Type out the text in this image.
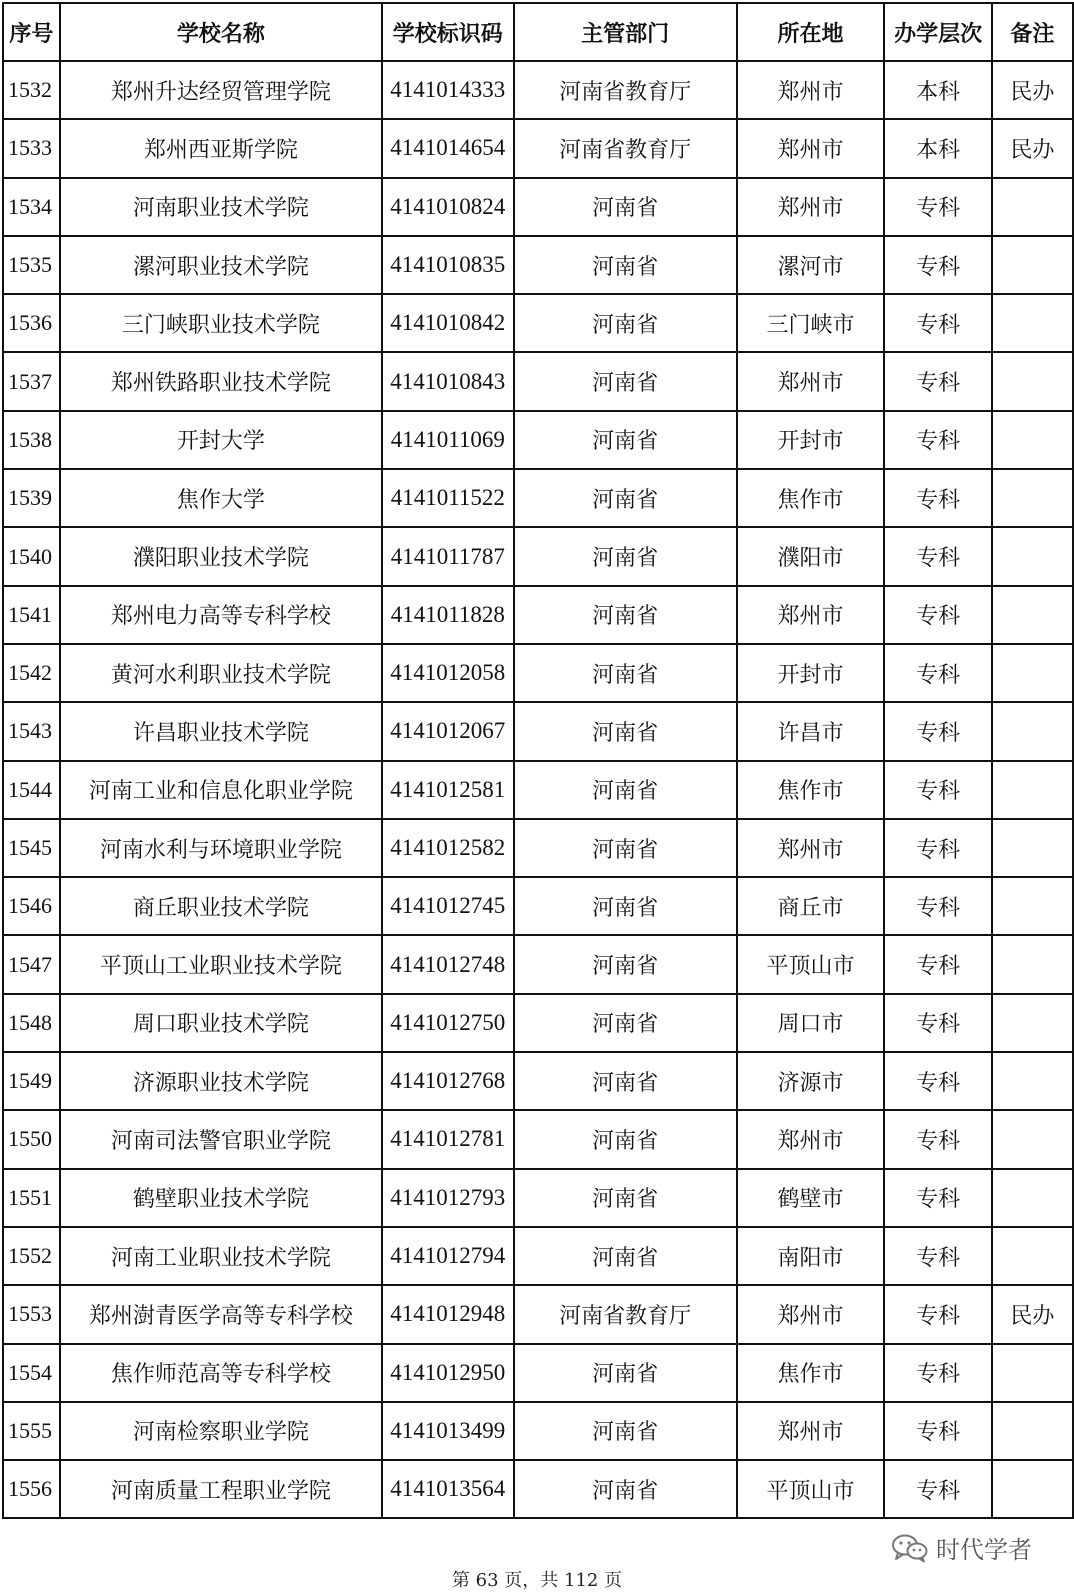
序号	学校名称	学校标识码	主管部门	所在地	办学层次	备注
1532	郑州升达经贸管理学院	4141014333	河南省教育厅	郑州市	本科	民办
1533	郑州西亚斯学院	4141014654	河南省教育厅	郑州市	本科	民办
1534	河南职业技术学院	4141010824	河南省	郑州市	专科	
1535	漯河职业技术学院	4141010835	河南省	漯河市	专科	
1536	三门峡职业技术学院	4141010842	河南省	三门峡市	专科	
1537	郑州铁路职业技术学院	4141010843	河南省	郑州市	专科	
1538	开封大学	4141011069	河南省	开封市	专科	
1539	焦作大学	4141011522	河南省	焦作市	专科	
1540	濮阳职业技术学院	4141011787	河南省	濮阳市	专科	
1541	郑州电力高等专科学校	4141011828	河南省	郑州市	专科	
1542	黄河水利职业技术学院	4141012058	河南省	开封市	专科	
1543	许昌职业技术学院	4141012067	河南省	许昌市	专科	
1544	河南工业和信息化职业学院	4141012581	河南省	焦作市	专科	
1545	河南水利与环境职业学院	4141012582	河南省	郑州市	专科	
1546	商丘职业技术学院	4141012745	河南省	商丘市	专科	
1547	平顶山工业职业技术学院	4141012748	河南省	平顶山市	专科	
1548	周口职业技术学院	4141012750	河南省	周口市	专科	
1549	济源职业技术学院	4141012768	河南省	济源市	专科	
1550	河南司法警官职业学院	4141012781	河南省	郑州市	专科	
1551	鹤壁职业技术学院	4141012793	河南省	鹤壁市	专科	
1552	河南工业职业技术学院	4141012794	河南省	南阳市	专科	
1553	郑州澍青医学高等专科学校	4141012948	河南省教育厅	郑州市	专科	民办
1554	焦作师范高等专科学校	4141012950	河南省	焦作市	专科	
1555	河南检察职业学院	4141013499	河南省	郑州市	专科	
1556	河南质量工程职业学院	4141013564	河南省	平顶山市	专科	
时代学者
第 63 页，共 112 页
